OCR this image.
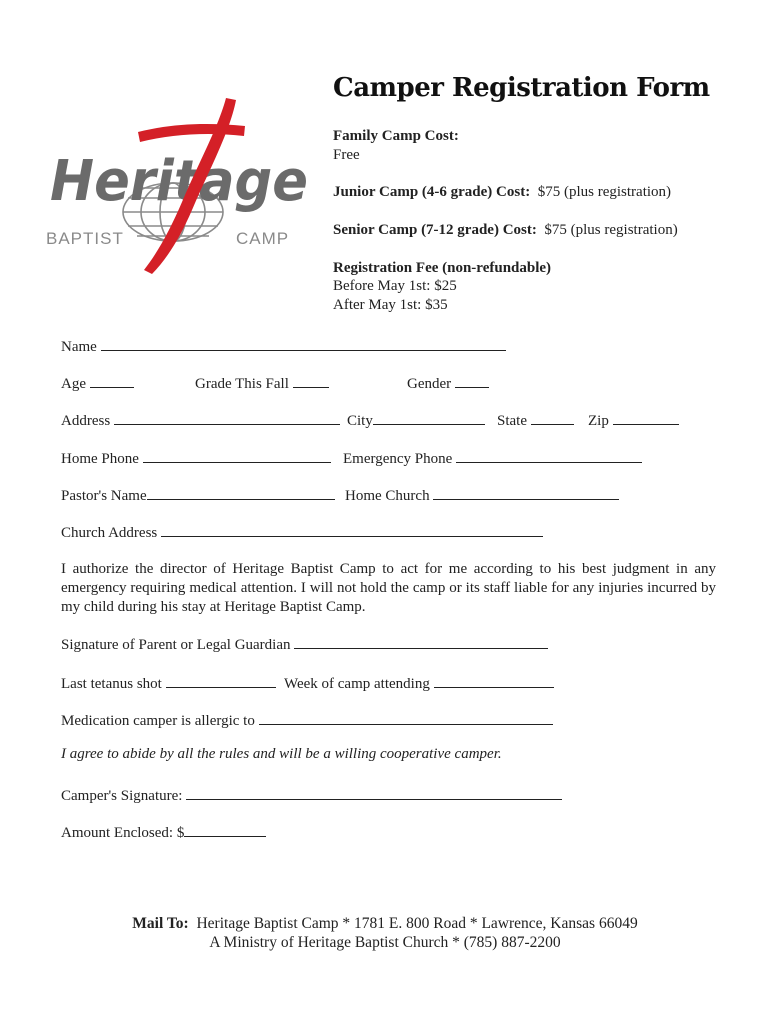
Heritage
BAPTIST	CAMP
Camper Registration Form
Family Camp Cost:
Free
Junior Camp (4-6 grade) Cost: $75 (plus registration)
Senior Camp (7-12 grade) Cost: $75 (plus registration)
Registration Fee (non-refundable)
Before May 1st: $25
After May 1st: $35
Name
Age	Grade This Fall	Gender
Address	City	State	Zip
Home Phone	Emergency Phone
Pastor's Name	Home Church
Church Address
I authorize the director of Heritage Baptist Camp to act for me according to his best judgment in any emergency requiring medical attention. I will not hold the camp or its staff liable for any injuries incurred by my child during his stay at Heritage Baptist Camp.
Signature of Parent or Legal Guardian
Last tetanus shot	Week of camp attending
Medication camper is allergic to
I agree to abide by all the rules and will be a willing cooperative camper.
Camper's Signature:
Amount Enclosed: $
Mail To: Heritage Baptist Camp * 1781 E. 800 Road * Lawrence, Kansas 66049
A Ministry of Heritage Baptist Church * (785) 887-2200
